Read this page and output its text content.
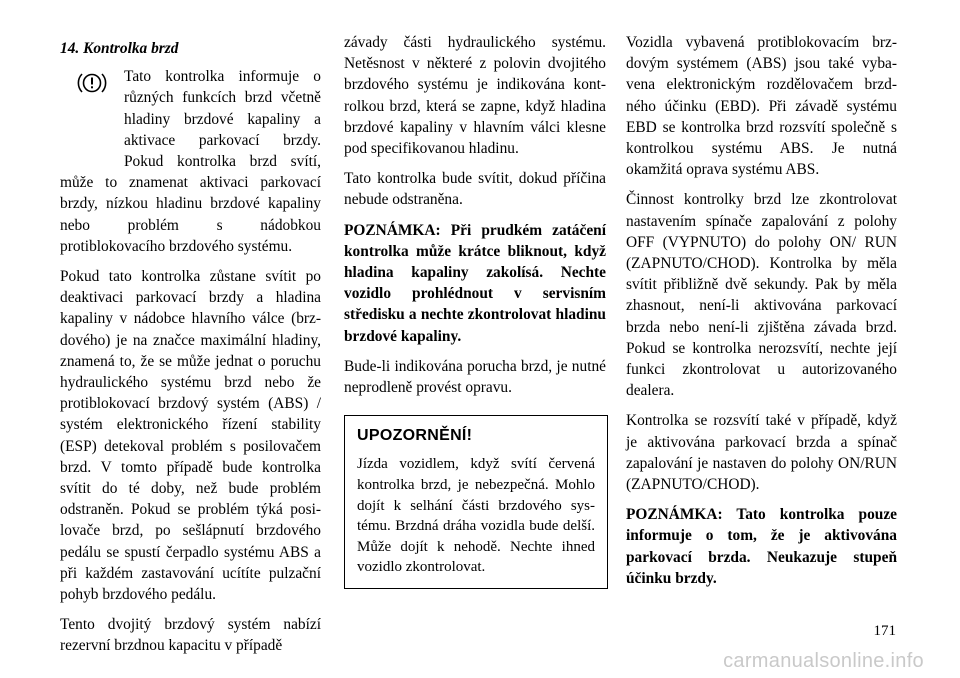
14. Kontrolka brzd

Tato kontrolka informuje o různých funkcích brzd včetně hladiny brzdové kapaliny a aktivace parkovací brzdy. Pokud kontrolka brzd svítí, může to znamenat aktivaci parkovací brzdy, nízkou hladinu brzdové kapaliny nebo problém s nádobkou protiblokovacího brzdového systému.

Pokud tato kontrolka zůstane svítit po deaktivaci parkovací brzdy a hladina kapaliny v nádobce hlavního válce (brzdového) je na značce maximální hladiny, znamená to, že se může jednat o poruchu hydraulického systému brzd nebo že protiblokovací brzdový systém (ABS) / systém elektronického řízení stability (ESP) detekoval problém s posilovačem brzd. V tomto případě bude kontrolka svítit do té doby, než bude problém odstraněn. Pokud se problém týká posilovače brzd, po sešlápnutí brzdového pedálu se spustí čerpadlo systému ABS a při každém zastavování ucítíte pulzační pohyb brzdového pedálu.

Tento dvojitý brzdový systém nabízí rezervní brzdnou kapacitu v případě

závady části hydraulického systému. Netěsnost v některé z polovin dvojitého brzdového systému je indikována kontrolkou brzd, která se zapne, když hladina brzdové kapaliny v hlavním válci klesne pod specifikovanou hladinu.

Tato kontrolka bude svítit, dokud příčina nebude odstraněna.

POZNÁMKA: Při prudkém zatáčení kontrolka může krátce bliknout, když hladina kapaliny zakolísá. Nechte vozidlo prohlédnout v servisním středisku a nechte zkontrolovat hladinu brzdové kapaliny.

Bude-li indikována porucha brzd, je nutné neprodleně provést opravu.

UPOZORNĚNÍ!

Jízda vozidlem, když svítí červená kontrolka brzd, je nebezpečná. Mohlo dojít k selhání části brzdového systému. Brzdná dráha vozidla bude delší. Může dojít k nehodě. Nechte ihned vozidlo zkontrolovat.

Vozidla vybavená protiblokovacím brzdovým systémem (ABS) jsou také vybavena elektronickým rozdělovačem brzdného účinku (EBD). Při závadě systému EBD se kontrolka brzd rozsvítí společně s kontrolkou systému ABS. Je nutná okamžitá oprava systému ABS.

Činnost kontrolky brzd lze zkontrolovat nastavením spínače zapalování z polohy OFF (VYPNUTO) do polohy ON/ RUN (ZAPNUTO/CHOD). Kontrolka by měla svítit přibližně dvě sekundy. Pak by měla zhasnout, není-li aktivována parkovací brzda nebo není-li zjištěna závada brzd. Pokud se kontrolka nerozsvítí, nechte její funkci zkontrolovat u autorizovaného dealera.

Kontrolka se rozsvítí také v případě, když je aktivována parkovací brzda a spínač zapalování je nastaven do polohy ON/RUN (ZAPNUTO/CHOD).

POZNÁMKA: Tato kontrolka pouze informuje o tom, že je aktivována parkovací brzda. Neukazuje stupeň účinku brzdy.

171
carmanualsonline.info
